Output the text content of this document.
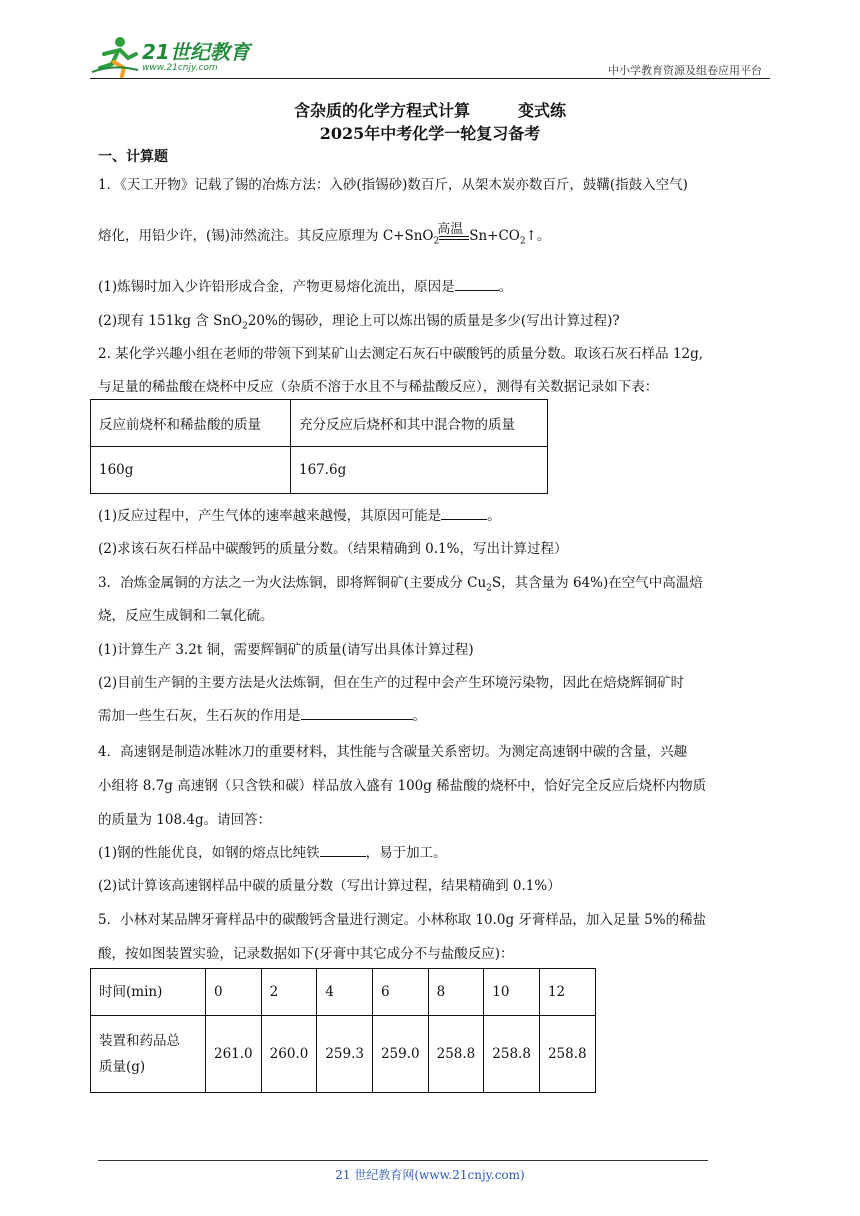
21世纪教育
www.21cnjy.com	中小学教育资源及组卷应用平台
含杂质的化学方程式计算	变式练
2025年中考化学一轮复习备考
一、计算题
1．《天工开物》记载了锡的冶炼方法：入砂(指锡砂)数百斤，从架木炭亦数百斤，鼓鞲(指鼓入空气)
熔化，用铅少许，(锡)沛然流注。其反应原理为 C+SnO$_2$
高温 $Sn+CO_2↑$。
(1)炼锡时加入少许铅形成合金，产物更易熔化流出，原因是	。
(2)现有 151kg 含 SnO$_2$20%的锡砂，理论上可以炼出锡的质量是多少(写出计算过程)?
2. 某化学兴趣小组在老师的带领下到某矿山去测定石灰石中碳酸钙的质量分数。取该石灰石样品 12g,
与足量的稀盐酸在烧杯中反应（杂质不溶于水且不与稀盐酸反应），测得有关数据记录如下表：
反应前烧杯和稀盐酸的质量	充分反应后烧杯和其中混合物的质量
160g	167.6g
(1)反应过程中，产生气体的速率越来越慢，其原因可能是	。
(2)求该石灰石样品中碳酸钙的质量分数。（结果精确到 0.1%，写出计算过程）
3．冶炼金属铜的方法之一为火法炼铜，即将辉铜矿(主要成分 $Cu_2S$，其含量为 64%)在空气中高温焙
烧，反应生成铜和二氧化硫。
(1)计算生产 3.2t 铜，需要辉铜矿的质量(请写出具体计算过程)
(2)目前生产铜的主要方法是火法炼铜，但在生产的过程中会产生环境污染物，因此在焙烧辉铜矿时
需加一些生石灰，生石灰的作用是	。
4．高速钢是制造冰鞋冰刀的重要材料，其性能与含碳量关系密切。为测定高速钢中碳的含量，兴趣
小组将 8.7g 高速钢（只含铁和碳）样品放入盛有 100g 稀盐酸的烧杯中，恰好完全反应后烧杯内物质
的质量为 108.4g。请回答：
(1)钢的性能优良，如钢的熔点比纯铁	，易于加工。
(2)试计算该高速钢样品中碳的质量分数（写出计算过程，结果精确到 0.1%）
5．小林对某品牌牙膏样品中的碳酸钙含量进行测定。小林称取 10.0g 牙膏样品，加入足量 5%的稀盐
酸，按如图装置实验，记录数据如下(牙膏中其它成分不与盐酸反应)：
时间(min)	0	2	4	6	8	10	12
装置和药品总
质量(g)	261.0	260.0	259.3	259.0	258.8	258.8	258.8
21 世纪教育网(www.21cnjy.com)
